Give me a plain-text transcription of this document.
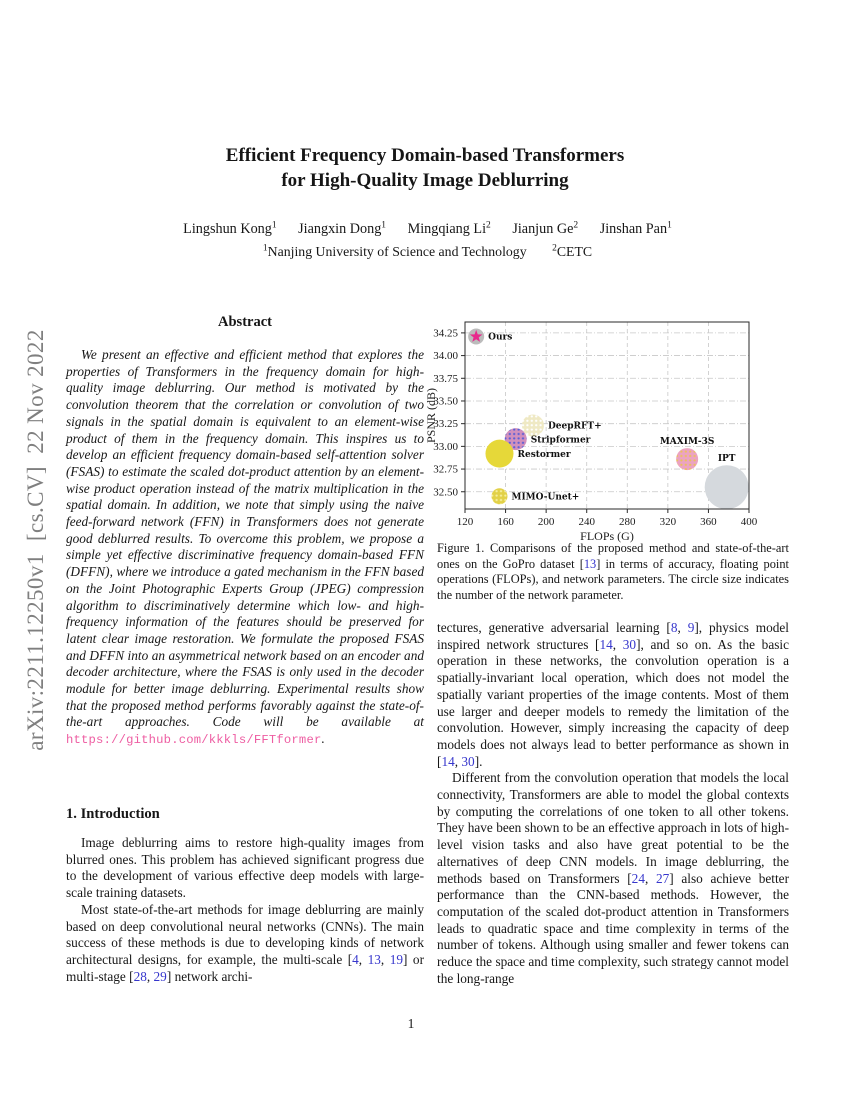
arXiv:2211.12250v1  [cs.CV]  22 Nov 2022
Efficient Frequency Domain-based Transformers
for High-Quality Image Deblurring
Lingshun Kong$^1$ Jiangxin Dong$^1$ Mingqiang Li$^2$ Jianjun Ge$^2$ Jinshan Pan$^1$
$^1$Nanjing University of Science and Technology	$^2$CETC
Abstract
We present an effective and efficient method that explores the properties of Transformers in the frequency domain for high-quality image deblurring. Our method is motivated by the convolution theorem that the correlation or convolution of two signals in the spatial domain is equivalent to an element-wise product of them in the frequency domain. This inspires us to develop an efficient frequency domain-based self-attention solver (FSAS) to estimate the scaled dot-product attention by an element-wise product operation instead of the matrix multiplication in the spatial domain. In addition, we note that simply using the naive feed-forward network (FFN) in Transformers does not generate good deblurred results. To overcome this problem, we propose a simple yet effective discriminative frequency domain-based FFN (DFFN), where we introduce a gated mechanism in the FFN based on the Joint Photographic Experts Group (JPEG) compression algorithm to discriminatively determine which low- and high-frequency information of the features should be preserved for latent clear image restoration. We formulate the proposed FSAS and DFFN into an asymmetrical network based on an encoder and decoder architecture, where the FSAS is only used in the decoder module for better image deblurring. Experimental results show that the proposed method performs favorably against the state-of-the-art approaches. Code will be available at https://github.com/kkkls/FFTformer.
1. Introduction
Image deblurring aims to restore high-quality images from blurred ones. This problem has achieved significant progress due to the development of various effective deep models with large-scale training datasets.
Most state-of-the-art methods for image deblurring are mainly based on deep convolutional neural networks (CNNs). The main success of these methods is due to developing kinds of network architectural designs, for example, the multi-scale [4, 13, 19] or multi-stage [28, 29] network archi-
120 160 200 240 280 320 360 400
32.50
32.75
33.00
33.25
33.50
33.75
34.00
34.25
FLOPs (G)
PSNR (dB)
Ours
DeepRFT+
Stripformer
Restormer
MIMO-Unet+
MAXIM-3S
IPT
Figure 1. Comparisons of the proposed method and state-of-the-art ones on the GoPro dataset [13] in terms of accuracy, floating point operations (FLOPs), and network parameters. The circle size indicates the number of the network parameter.
tectures, generative adversarial learning [8, 9], physics model inspired network structures [14, 30], and so on. As the basic operation in these networks, the convolution operation is a spatially-invariant local operation, which does not model the spatially variant properties of the image contents. Most of them use larger and deeper models to remedy the limitation of the convolution. However, simply increasing the capacity of deep models does not always lead to better performance as shown in [14, 30].
Different from the convolution operation that models the local connectivity, Transformers are able to model the global contexts by computing the correlations of one token to all other tokens. They have been shown to be an effective approach in lots of high-level vision tasks and also have great potential to be the alternatives of deep CNN models. In image deblurring, the methods based on Transformers [24, 27] also achieve better performance than the CNN-based methods. However, the computation of the scaled dot-product attention in Transformers leads to quadratic space and time complexity in terms of the number of tokens. Although using smaller and fewer tokens can reduce the space and time complexity, such strategy cannot model the long-range
1
